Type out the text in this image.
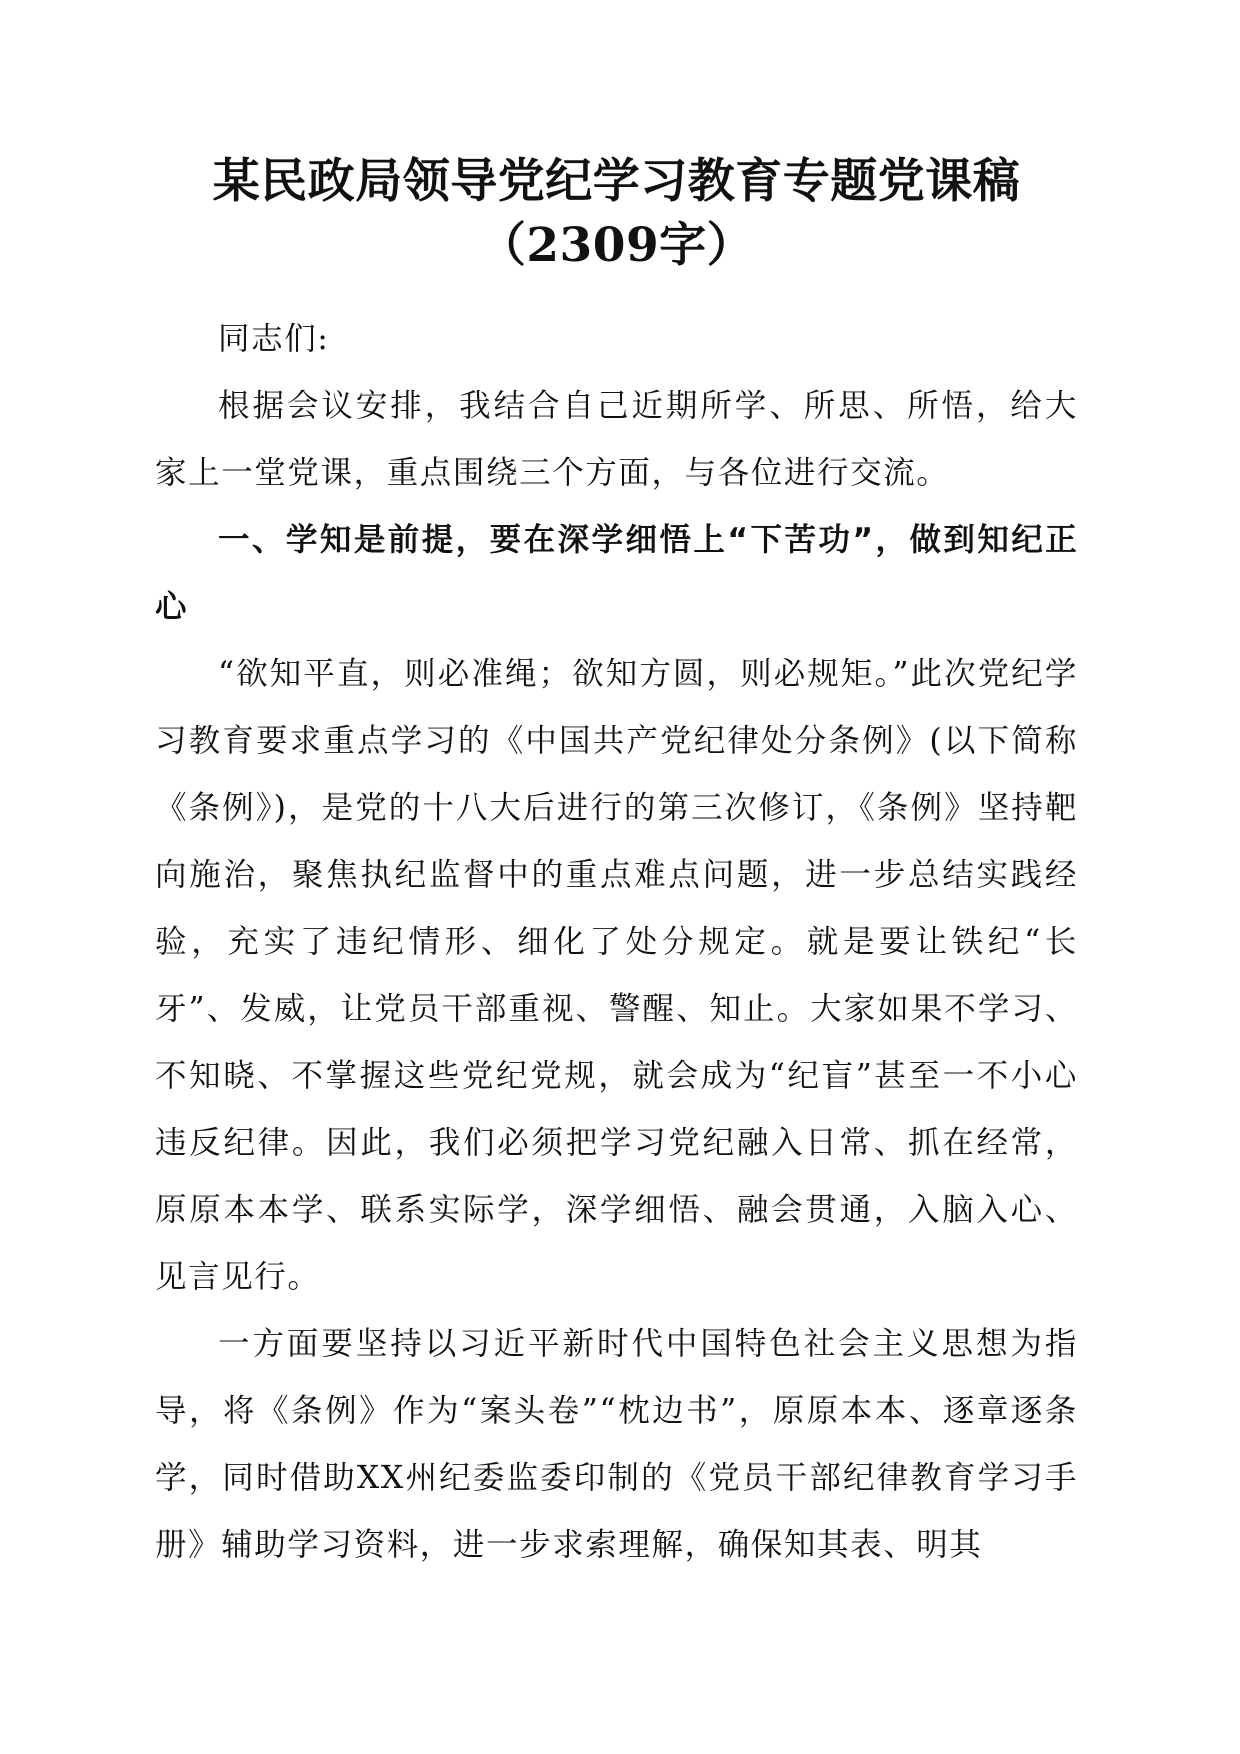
某民政局领导党纪学习教育专题党课稿（2309字）

同志们:

根据会议安排，我结合自己近期所学、所思、所悟，给大家上一堂党课，重点围绕三个方面，与各位进行交流。

一、学知是前提，要在深学细悟上“下苦功”，做到知纪正心

“欲知平直，则必准绳；欲知方圆，则必规矩。”此次党纪学习教育要求重点学习的《中国共产党纪律处分条例》(以下简称《条例》)，是党的十八大后进行的第三次修订，《条例》坚持靶向施治，聚焦执纪监督中的重点难点问题，进一步总结实践经验，充实了违纪情形、细化了处分规定。就是要让铁纪“长牙”、发威，让党员干部重视、警醒、知止。大家如果不学习、不知晓、不掌握这些党纪党规，就会成为“纪盲”甚至一不小心违反纪律。因此，我们必须把学习党纪融入日常、抓在经常，原原本本学、联系实际学，深学细悟、融会贯通，入脑入心、见言见行。

一方面要坚持以习近平新时代中国特色社会主义思想为指导，将《条例》作为“案头卷”“枕边书”，原原本本、逐章逐条学，同时借助XX州纪委监委印制的《党员干部纪律教育学习手册》辅助学习资料，进一步求索理解，确保知其表、明其
